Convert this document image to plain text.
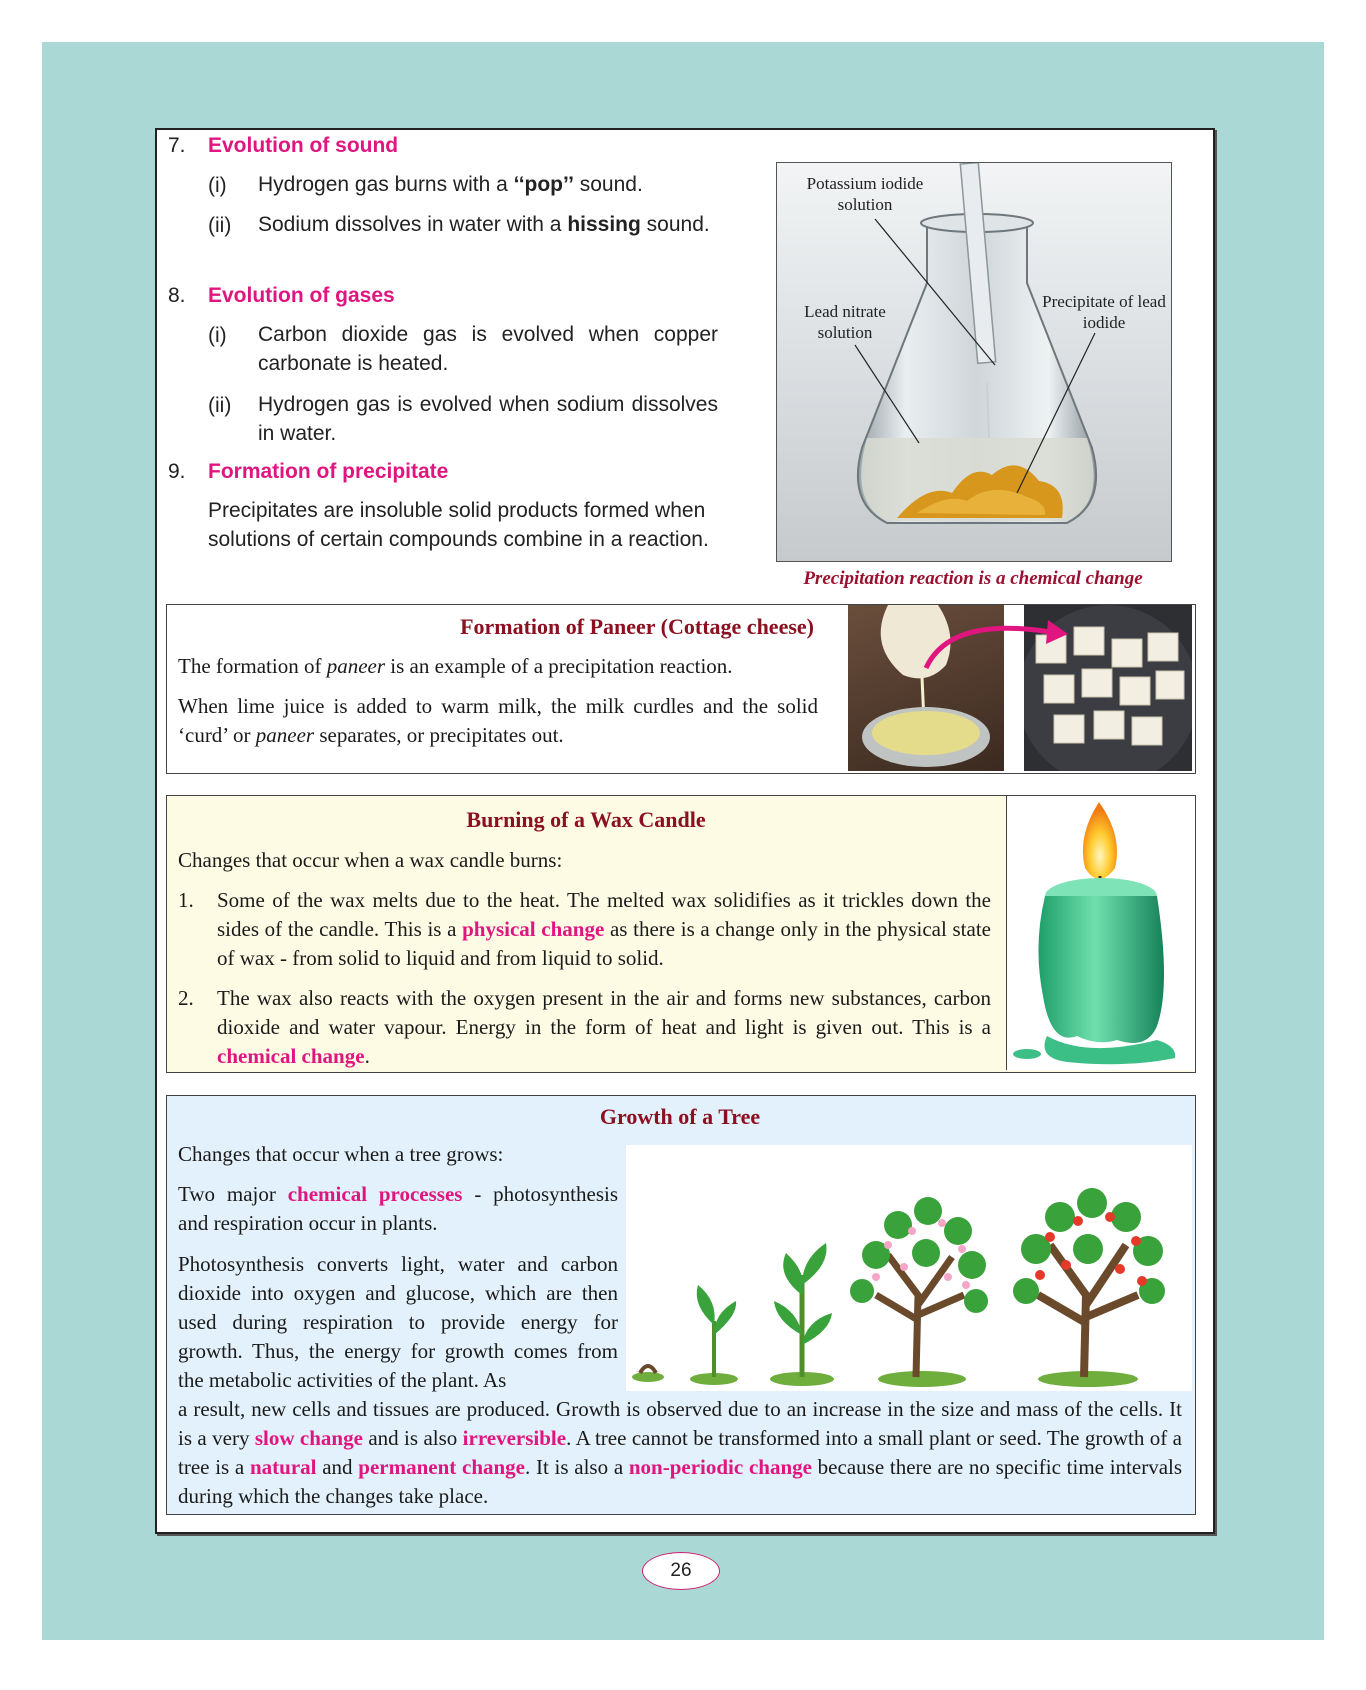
7. Evolution of sound
(i) Hydrogen gas burns with a ‘‘pop’’ sound.
(ii) Sodium dissolves in water with a hissing sound.
8. Evolution of gases
(i) Carbon dioxide gas is evolved when copper carbonate is heated.
(ii) Hydrogen gas is evolved when sodium dissolves in water.
9. Formation of precipitate
Precipitates are insoluble solid products formed when solutions of certain compounds combine in a reaction.
Potassium iodide solution
Lead nitrate solution
Precipitate of lead iodide
Precipitation reaction is a chemical change
Formation of Paneer (Cottage cheese)
The formation of paneer is an example of a precipitation reaction.
When lime juice is added to warm milk, the milk curdles and the solid ‘curd’ or paneer separates, or precipitates out.
Burning of a Wax Candle
Changes that occur when a wax candle burns:
1. Some of the wax melts due to the heat. The melted wax solidifies as it trickles down the sides of the candle. This is a physical change as there is a change only in the physical state of wax - from solid to liquid and from liquid to solid.
2. The wax also reacts with the oxygen present in the air and forms new substances, carbon dioxide and water vapour. Energy in the form of heat and light is given out. This is a chemical change.
Growth of a Tree
Changes that occur when a tree grows:
Two major chemical processes - photosynthesis and respiration occur in plants.
Photosynthesis converts light, water and carbon dioxide into oxygen and glucose, which are then used during respiration to provide energy for growth. Thus, the energy for growth comes from the metabolic activities of the plant. As
a result, new cells and tissues are produced. Growth is observed due to an increase in the size and mass of the cells. It is a very slow change and is also irreversible. A tree cannot be transformed into a small plant or seed. The growth of a tree is a natural and permanent change. It is also a non-periodic change because there are no specific time intervals during which the changes take place.
26
